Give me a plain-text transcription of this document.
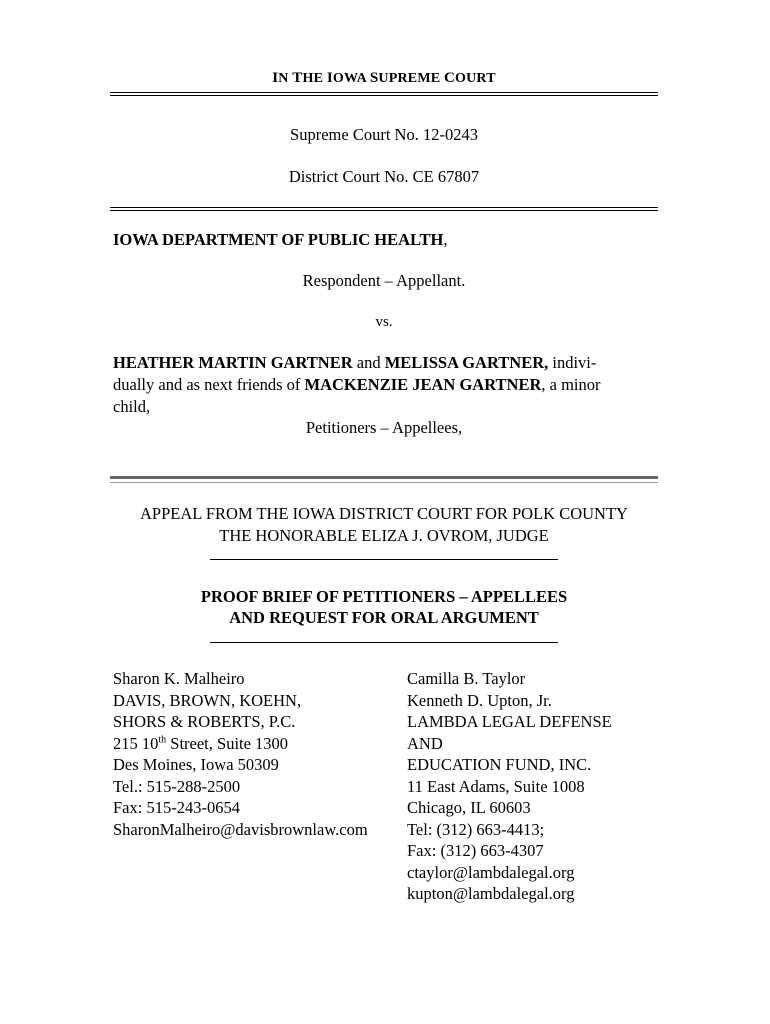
IN THE IOWA SUPREME COURT
Supreme Court No. 12-0243
District Court No. CE 67807
IOWA DEPARTMENT OF PUBLIC HEALTH,
Respondent – Appellant.
vs.
HEATHER MARTIN GARTNER and MELISSA GARTNER, indivi-
dually and as next friends of MACKENZIE JEAN GARTNER, a minor
child,
Petitioners – Appellees,
APPEAL FROM THE IOWA DISTRICT COURT FOR POLK COUNTY
THE HONORABLE ELIZA J. OVROM, JUDGE
PROOF BRIEF OF PETITIONERS – APPELLEES
AND REQUEST FOR ORAL ARGUMENT
Sharon K. Malheiro
DAVIS, BROWN, KOEHN,
SHORS & ROBERTS, P.C.
215 10th Street, Suite 1300
Des Moines, Iowa 50309
Tel.: 515-288-2500
Fax: 515-243-0654
SharonMalheiro@davisbrownlaw.com
Camilla B. Taylor
Kenneth D. Upton, Jr.
LAMBDA LEGAL DEFENSE
AND
EDUCATION FUND, INC.
11 East Adams, Suite 1008
Chicago, IL 60603
Tel: (312) 663-4413;
Fax: (312) 663-4307
ctaylor@lambdalegal.org
kupton@lambdalegal.org
